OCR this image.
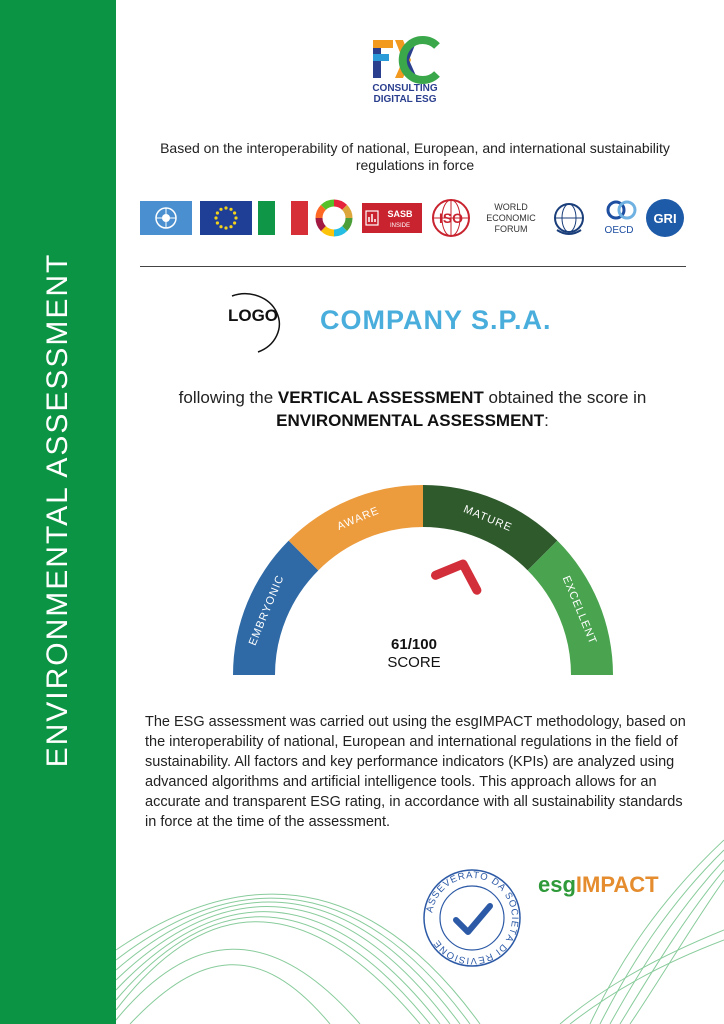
ENVIRONMENTAL ASSESSMENT
CONSULTING
DIGITAL ESG
Based on the interoperability of national, European, and international sustainability regulations in force
SASB
INSIDE ISO
WORLD
ECONOMIC
FORUM	OECD
GRI
LOGO	COMPANY S.P.A.
following the VERTICAL ASSESSMENT obtained the score in
ENVIRONMENTAL ASSESSMENT:
EMBRYONIC
AWARE	MATURE
EXCELLENT
61/100
SCORE
The ESG assessment was carried out using the esgIMPACT methodology, based on the interoperability of national, European and international regulations in the field of sustainability. All factors and key performance indicators (KPIs) are analyzed using advanced algorithms and artificial intelligence tools. This approach allows for an accurate and transparent ESG rating, in accordance with all sustainability standards in force at the time of the assessment.
ASSEVERATO DA SOCIETÀ DI REVISIONE
esgIMPACT
